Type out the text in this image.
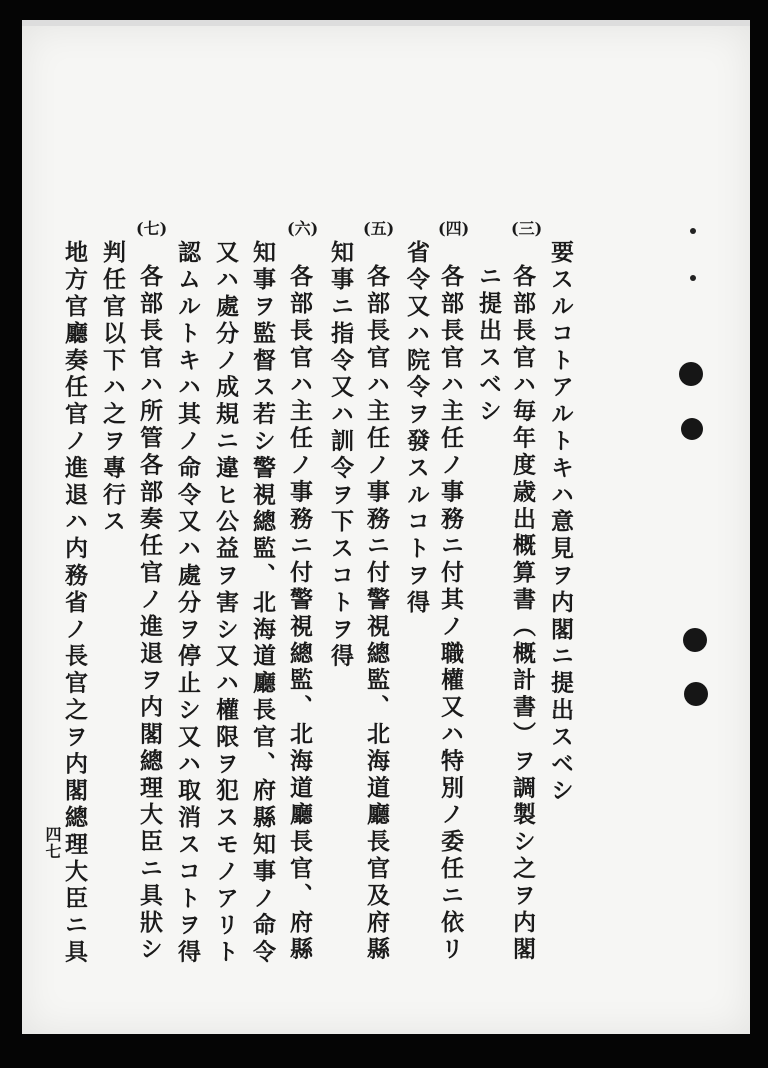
要スルコトアルトキハ意見ヲ内閣ニ提出スベシ
各部長官ハ毎年度歳出概算書（概計書）ヲ調製シ之ヲ内閣
ニ提出スベシ
各部長官ハ主任ノ事務ニ付其ノ職權又ハ特別ノ委任ニ依リ
省令又ハ院令ヲ發スルコトヲ得
各部長官ハ主任ノ事務ニ付警視總監、北海道廳長官及府縣
知事ニ指令又ハ訓令ヲ下スコトヲ得
各部長官ハ主任ノ事務ニ付警視總監、北海道廳長官、府縣
知事ヲ監督ス若シ警視總監、北海道廳長官、府縣知事ノ命令
又ハ處分ノ成規ニ違ヒ公益ヲ害シ又ハ權限ヲ犯スモノアリト
認ムルトキハ其ノ命令又ハ處分ヲ停止シ又ハ取消スコトヲ得
各部長官ハ所管各部奏任官ノ進退ヲ内閣總理大臣ニ具狀シ
判任官以下ハ之ヲ專行ス
地方官廳奏任官ノ進退ハ内務省ノ長官之ヲ内閣總理大臣ニ具
(三)
(四)
(五)
(六)
(七)
四七
